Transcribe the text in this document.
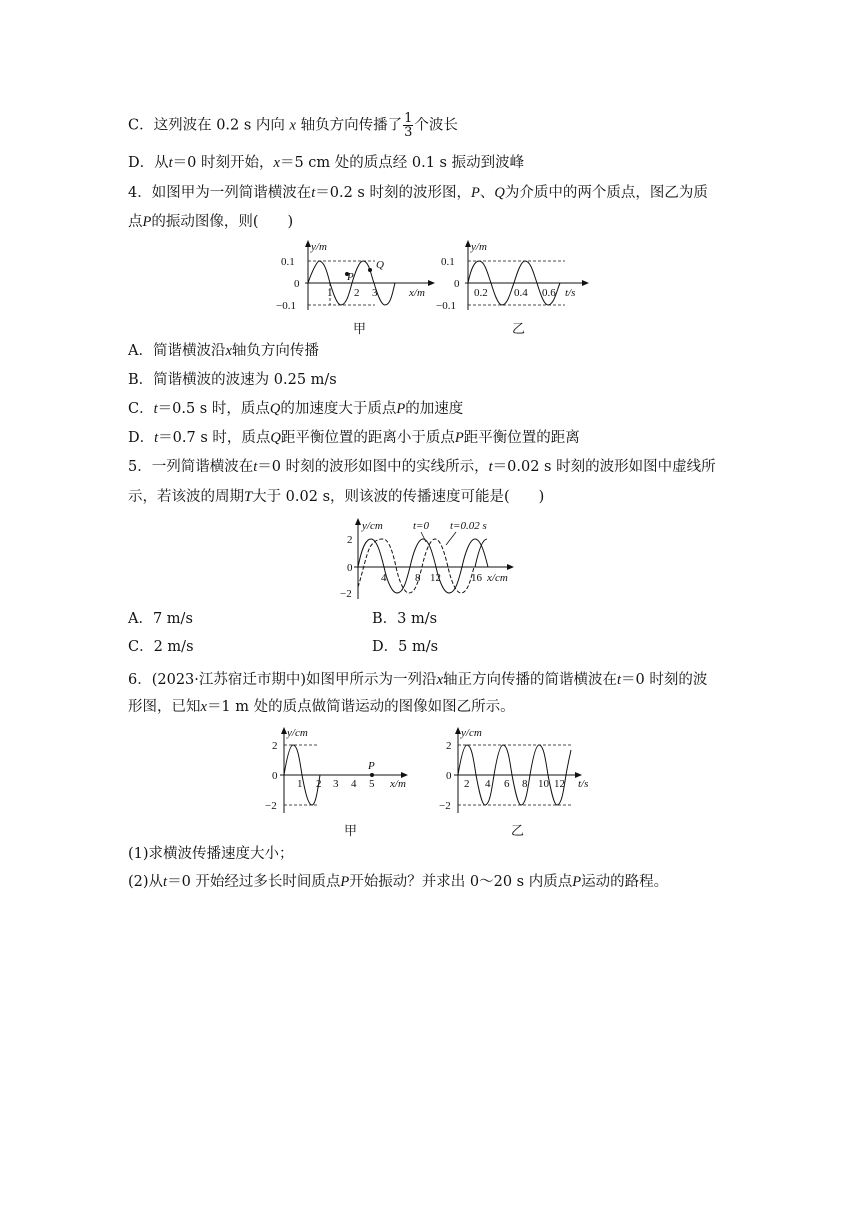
C．这列波在 0.2 s 内向 x 轴负方向传播了 $\frac{1}{3}$ 个波长
D．从t＝0 时刻开始，x＝5 cm 处的质点经 0.1 s 振动到波峰
4．如图甲为一列简谐横波在t＝0.2 s 时刻的波形图，P、Q为介质中的两个质点，图乙为质
点P的振动图像，则(　　)
y/m
0.1
0
−0.1
1 2 3
P
Q
x/m
甲
y/m
0.1
0
−0.1
0.2 0.4 0.6 t/s
乙
A．简谐横波沿x轴负方向传播
B．简谐横波的波速为 0.25 m/s
C．t＝0.5 s 时，质点Q的加速度大于质点P的加速度
D．t＝0.7 s 时，质点Q距平衡位置的距离小于质点P距平衡位置的距离
5．一列简谐横波在t＝0 时刻的波形如图中的实线所示，t＝0.02 s 时刻的波形如图中虚线所
示，若该波的周期T大于 0.02 s，则该波的传播速度可能是(　　)
y/cm
2
0
−2
4	8 12	16 x/cm
t=0 t=0.02 s
A．7 m/s	B．3 m/s
C．2 m/s	D．5 m/s
6．(2023·江苏宿迁市期中)如图甲所示为一列沿x轴正方向传播的简谐横波在t＝0 时刻的波
形图，已知x＝1 m 处的质点做简谐运动的图像如图乙所示。
y/cm
2
0
−2
1 2 3 4 5
P
x/m
甲
y/cm
2
0
−2
2 4 6 8 10 12 t/s
乙
(1)求横波传播速度大小；
(2)从t＝0 开始经过多长时间质点P开始振动？并求出 0～20 s 内质点P运动的路程。
